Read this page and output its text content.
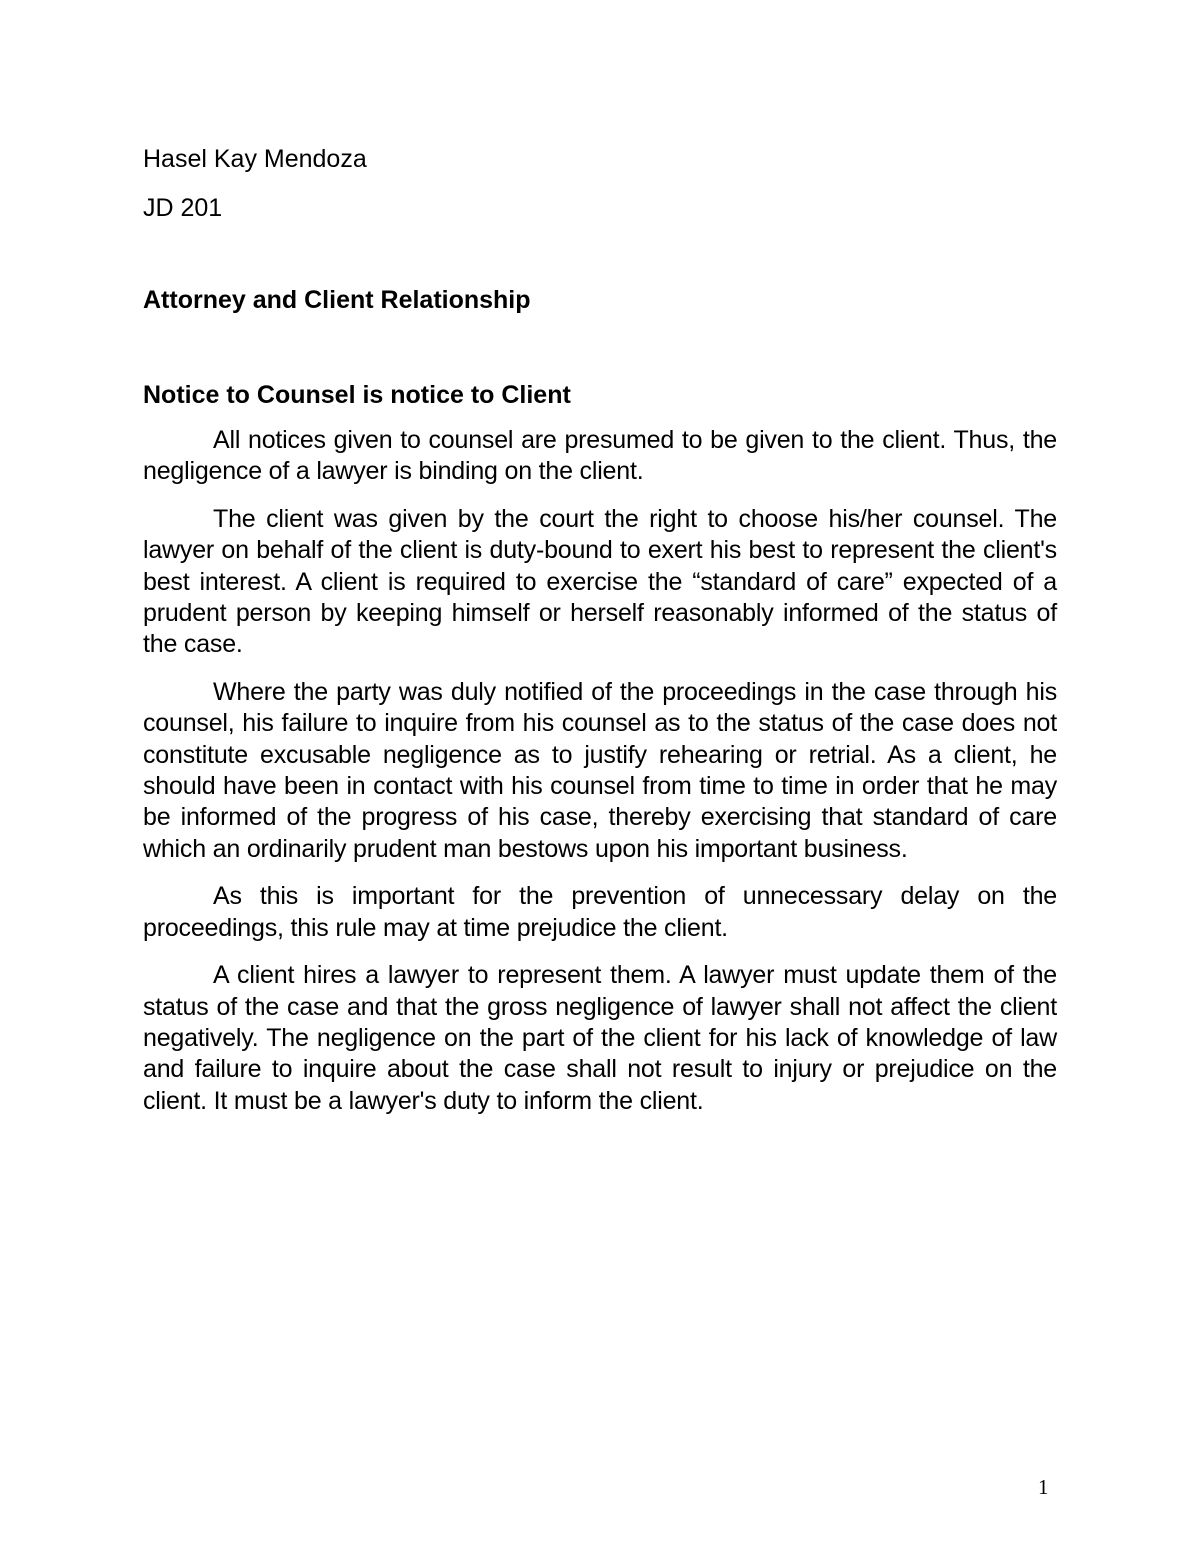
Hasel Kay Mendoza
JD 201
Attorney and Client Relationship
Notice to Counsel is notice to Client

All notices given to counsel are presumed to be given to the client. Thus, the negligence of a lawyer is binding on the client.

The client was given by the court the right to choose his/her counsel. The lawyer on behalf of the client is duty-bound to exert his best to represent the client's best interest. A client is required to exercise the “standard of care” expected of a prudent person by keeping himself or herself reasonably informed of the status of the case.

Where the party was duly notified of the proceedings in the case through his counsel, his failure to inquire from his counsel as to the status of the case does not constitute excusable negligence as to justify rehearing or retrial. As a client, he should have been in contact with his counsel from time to time in order that he may be informed of the progress of his case, thereby exercising that standard of care which an ordinarily prudent man bestows upon his important business.

As this is important for the prevention of unnecessary delay on the proceedings, this rule may at time prejudice the client.

A client hires a lawyer to represent them. A lawyer must update them of the status of the case and that the gross negligence of lawyer shall not affect the client negatively. The negligence on the part of the client for his lack of knowledge of law and failure to inquire about the case shall not result to injury or prejudice on the client. It must be a lawyer's duty to inform the client.

1
